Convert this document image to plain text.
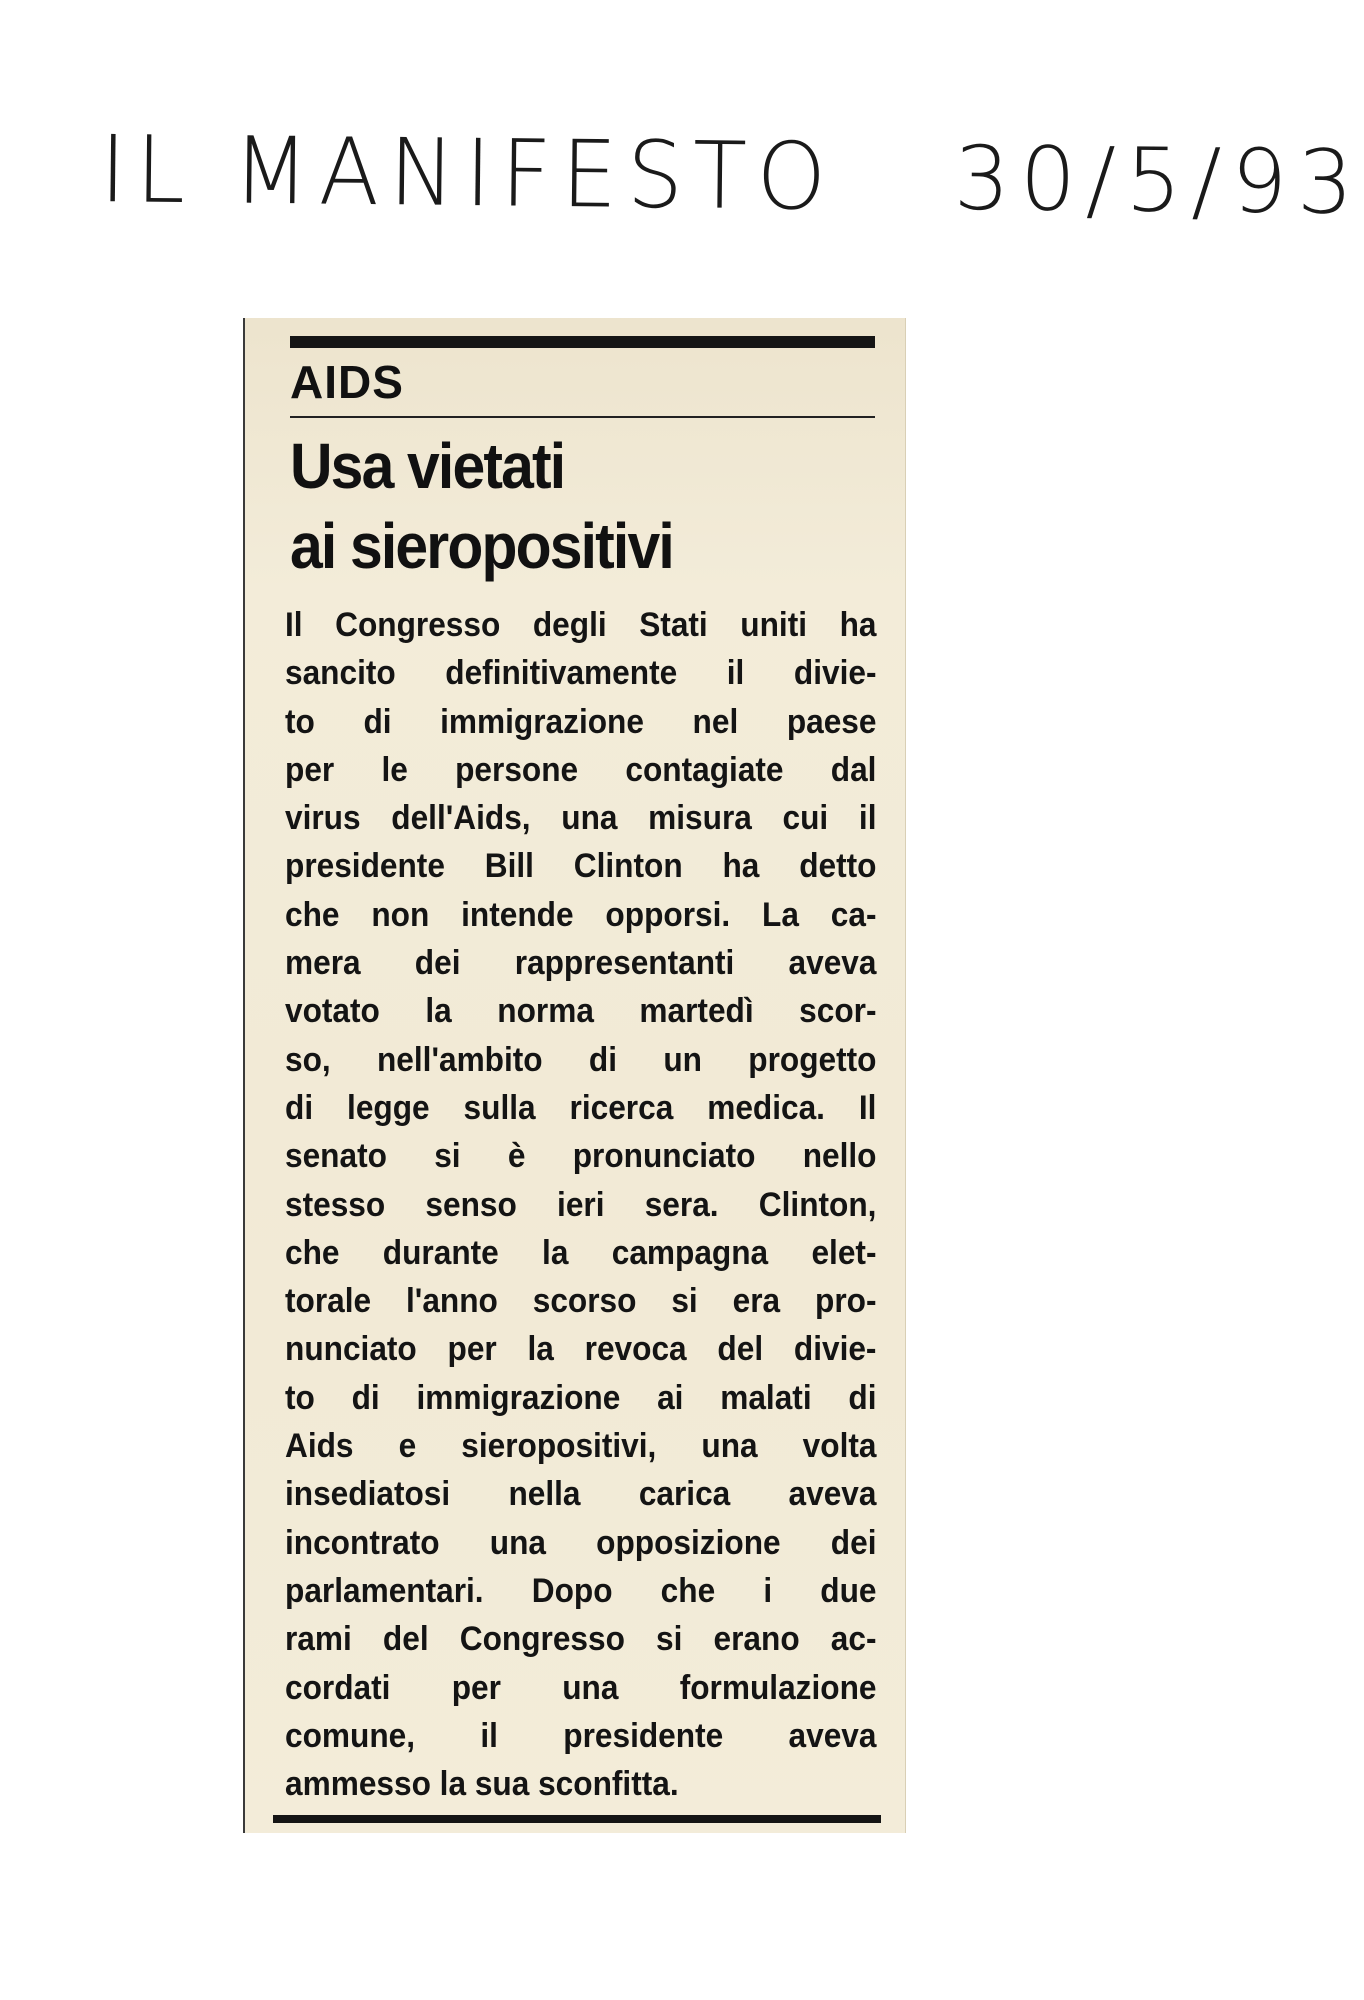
IL MANIFESTO 30/5/93
AIDS
Usa vietati
ai sieropositivi
Il Congresso degli Stati uniti ha
sancito definitivamente il divie-
to di immigrazione nel paese
per le persone contagiate dal
virus dell'Aids, una misura cui il
presidente Bill Clinton ha detto
che non intende opporsi. La ca-
mera dei rappresentanti aveva
votato la norma martedì scor-
so, nell'ambito di un progetto
di legge sulla ricerca medica. Il
senato si è pronunciato nello
stesso senso ieri sera. Clinton,
che durante la campagna elet-
torale l'anno scorso si era pro-
nunciato per la revoca del divie-
to di immigrazione ai malati di
Aids e sieropositivi, una volta
insediatosi nella carica aveva
incontrato una opposizione dei
parlamentari. Dopo che i due
rami del Congresso si erano ac-
cordati per una formulazione
comune, il presidente aveva
ammesso la sua sconfitta.
